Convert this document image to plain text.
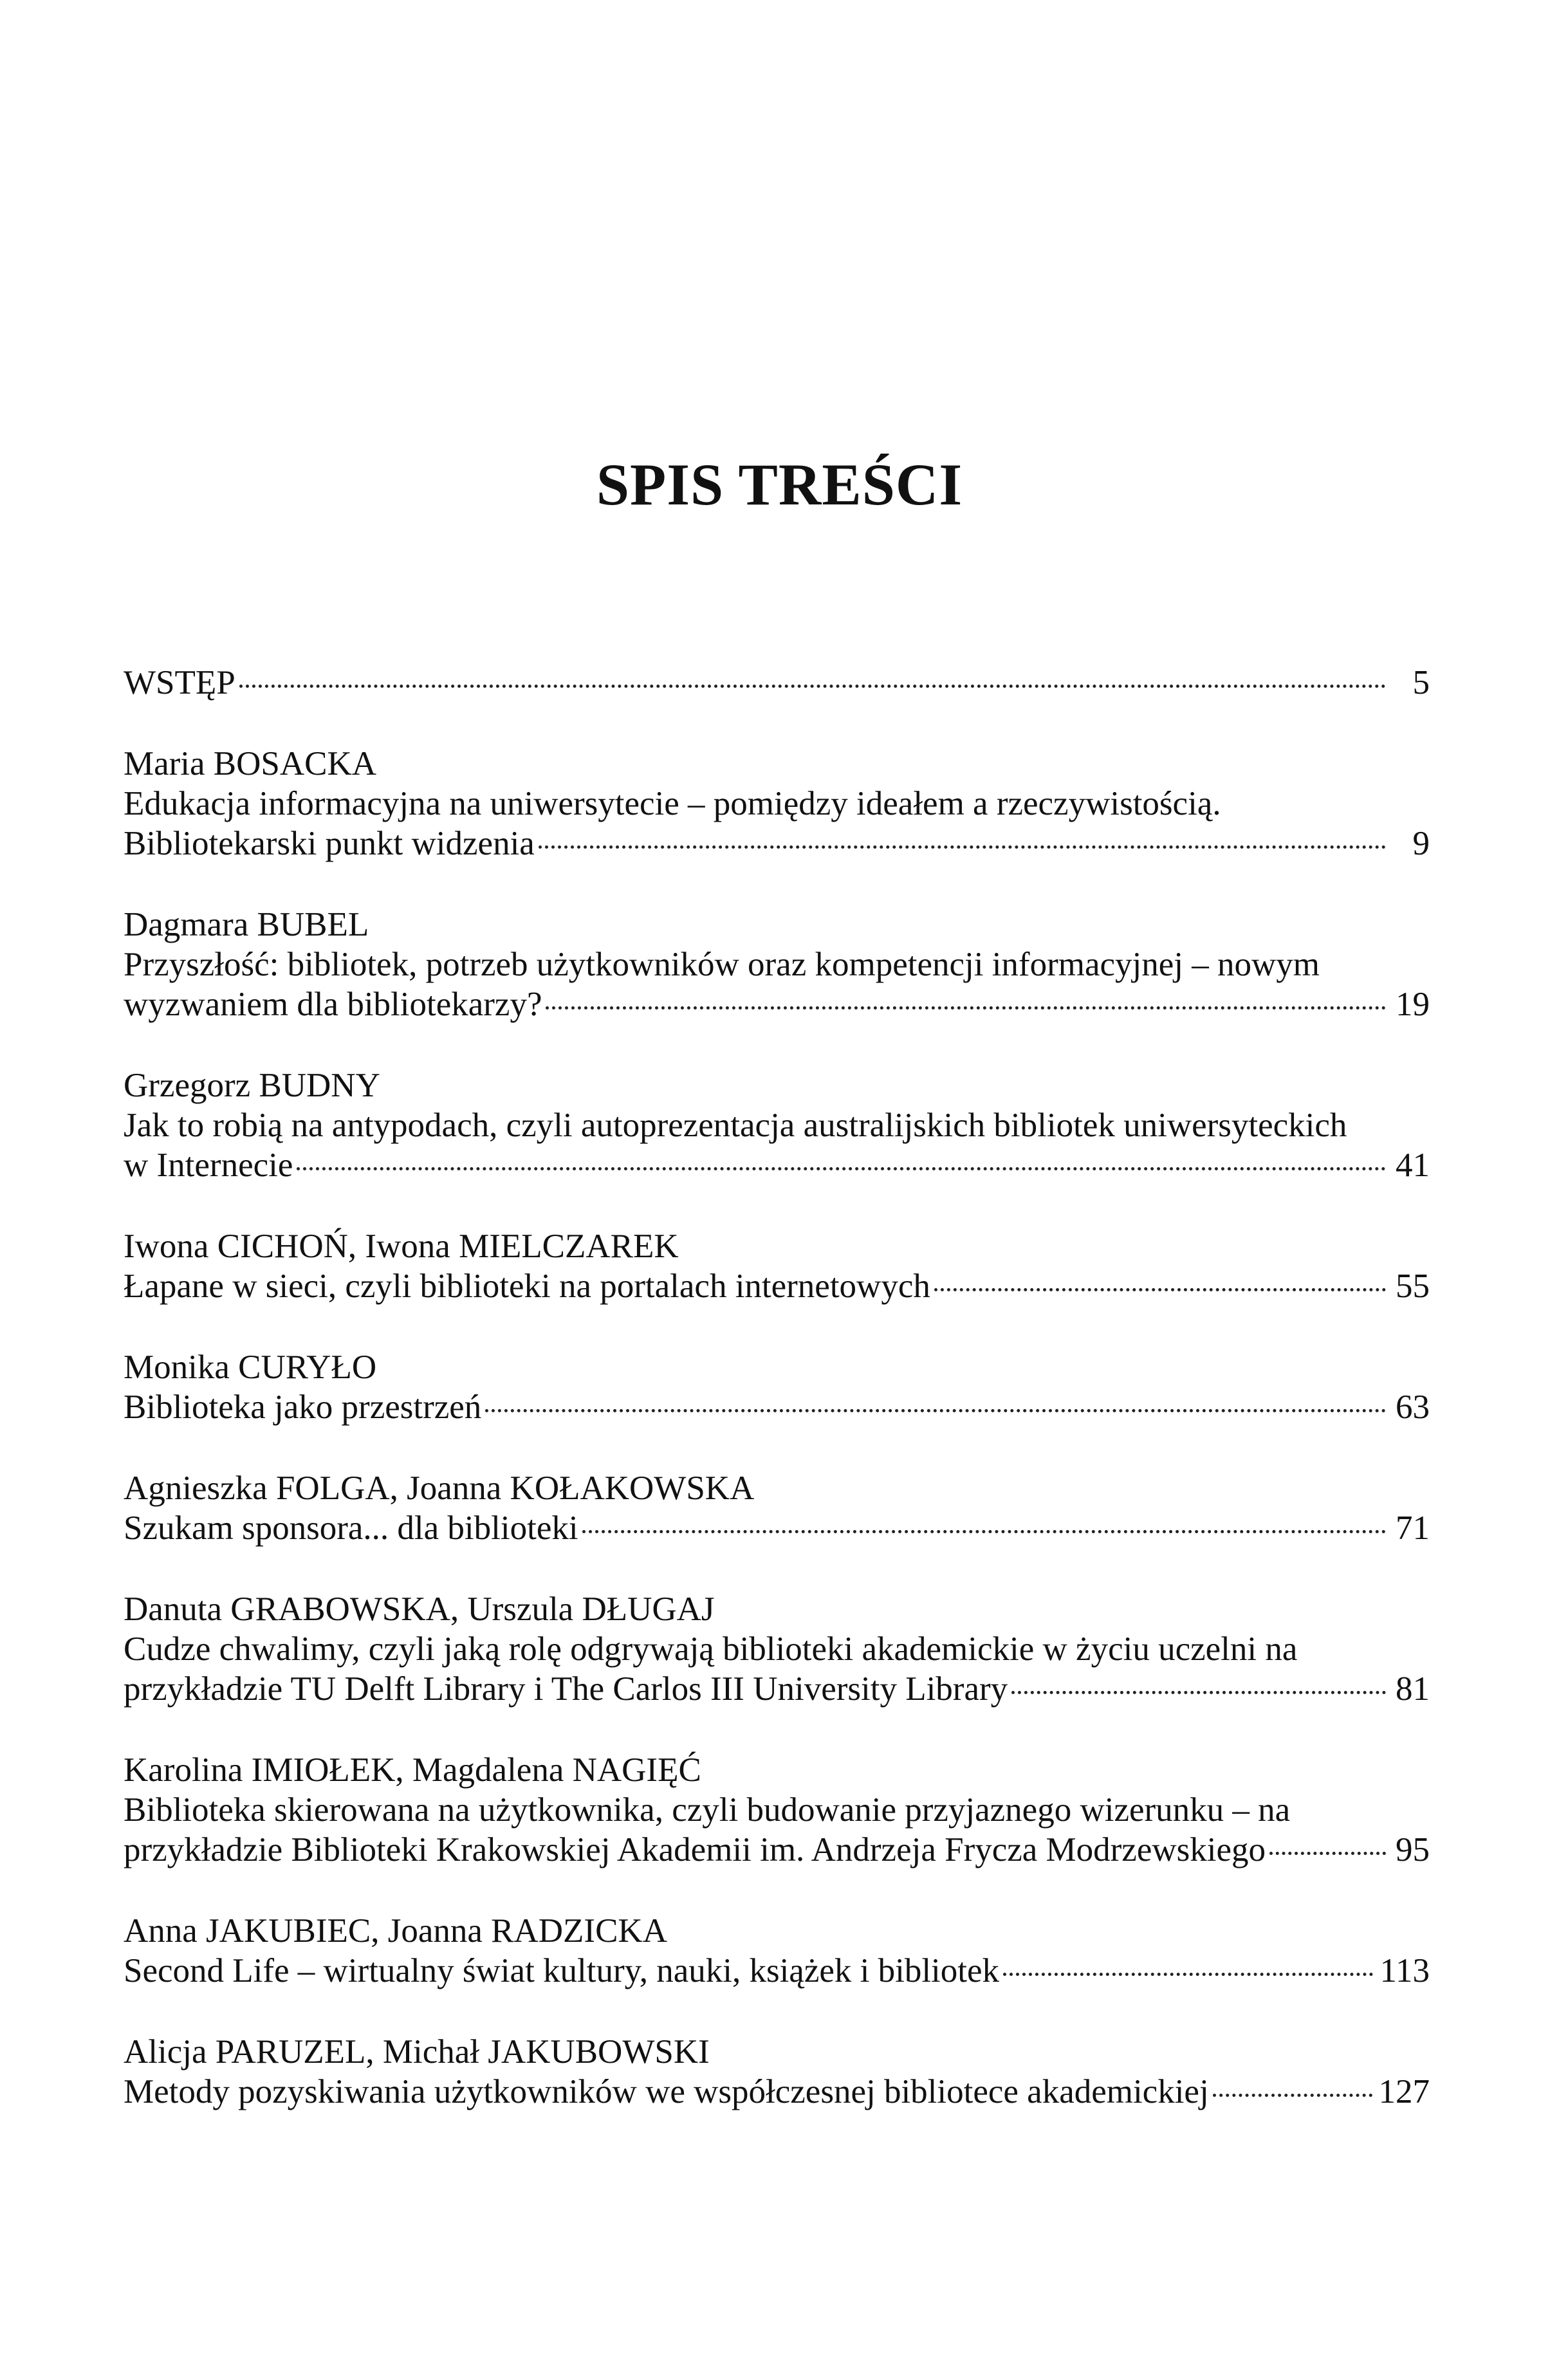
SPIS TREŚCI
WSTĘP	5
Maria BOSACKA
Edukacja informacyjna na uniwersytecie – pomiędzy ideałem a rzeczywistością.
Bibliotekarski punkt widzenia	9
Dagmara BUBEL
Przyszłość: bibliotek, potrzeb użytkowników oraz kompetencji informacyjnej – nowym
wyzwaniem dla bibliotekarzy?	19
Grzegorz BUDNY
Jak to robią na antypodach, czyli autoprezentacja australijskich bibliotek uniwersyteckich
w Internecie	41
Iwona CICHOŃ, Iwona MIELCZAREK
Łapane w sieci, czyli biblioteki na portalach internetowych	55
Monika CURYŁO
Biblioteka jako przestrzeń	63
Agnieszka FOLGA, Joanna KOŁAKOWSKA
Szukam sponsora... dla biblioteki	71
Danuta GRABOWSKA, Urszula DŁUGAJ
Cudze chwalimy, czyli jaką rolę odgrywają biblioteki akademickie w życiu uczelni na
przykładzie TU Delft Library i The Carlos III University Library	81
Karolina IMIOŁEK, Magdalena NAGIĘĆ
Biblioteka skierowana na użytkownika, czyli budowanie przyjaznego wizerunku – na
przykładzie Biblioteki Krakowskiej Akademii im. Andrzeja Frycza Modrzewskiego	95
Anna JAKUBIEC, Joanna RADZICKA
Second Life – wirtualny świat kultury, nauki, książek i bibliotek	113
Alicja PARUZEL, Michał JAKUBOWSKI
Metody pozyskiwania użytkowników we współczesnej bibliotece akademickiej	127
